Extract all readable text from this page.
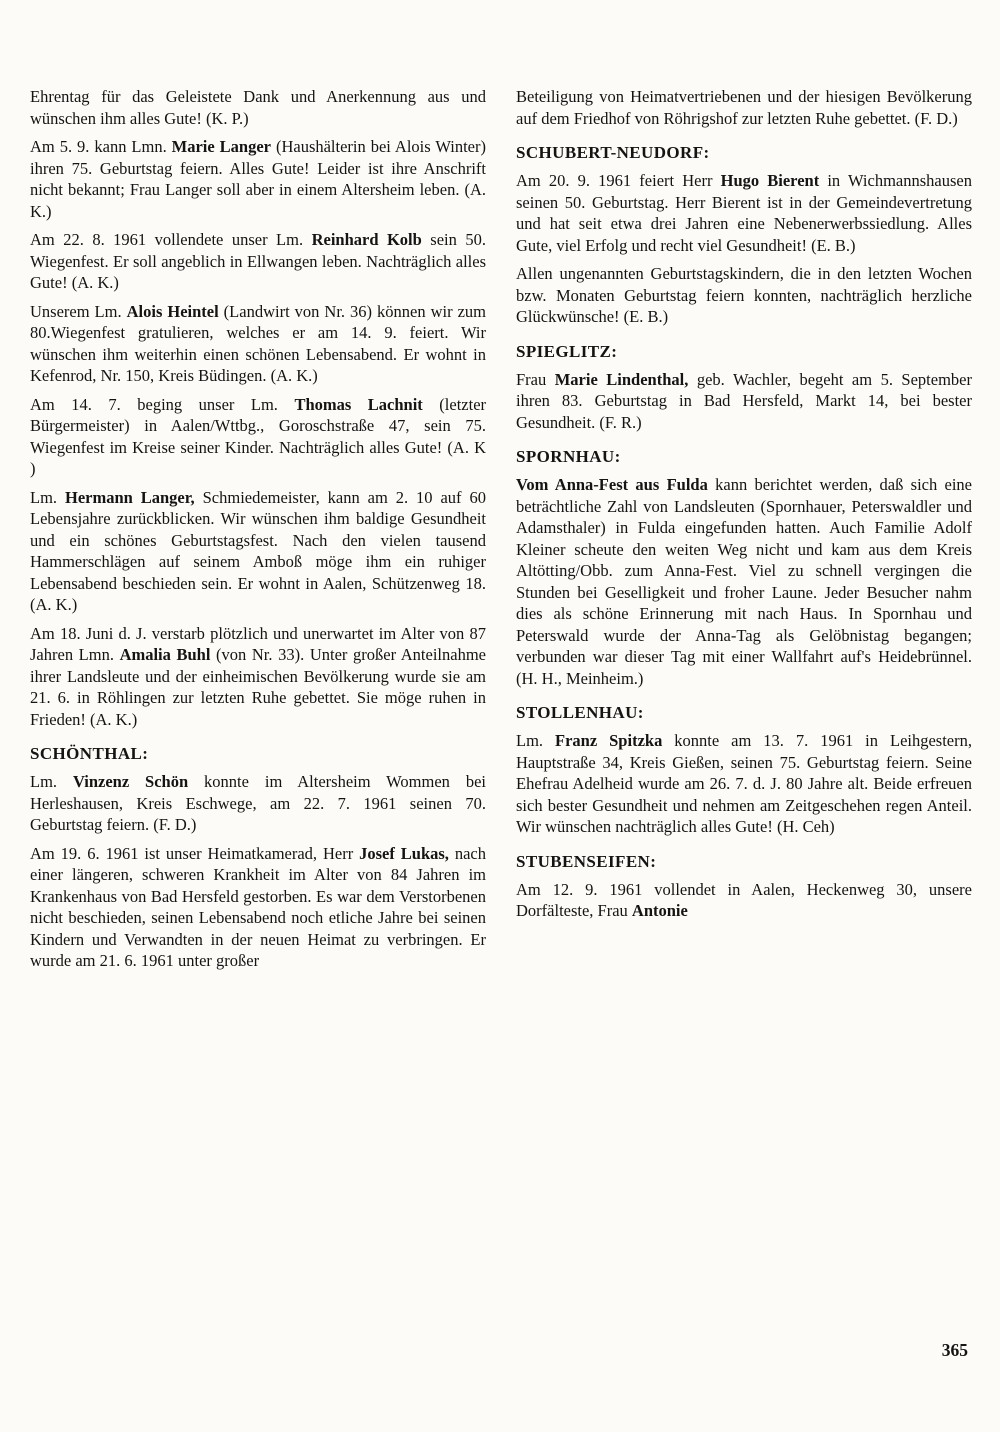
Ehrentag für das Geleistete Dank und Anerkennung aus und wünschen ihm alles Gute! (K. P.)

Am 5. 9. kann Lmn. Marie Langer (Haushälterin bei Alois Winter) ihren 75. Geburtstag feiern. Alles Gute! Leider ist ihre Anschrift nicht bekannt; Frau Langer soll aber in einem Altersheim leben. (A. K.)

Am 22. 8. 1961 vollendete unser Lm. Reinhard Kolb sein 50. Wiegenfest. Er soll angeblich in Ellwangen leben. Nachträglich alles Gute! (A. K.)

Unserem Lm. Alois Heintel (Landwirt von Nr. 36) können wir zum 80.Wiegenfest gratulieren, welches er am 14. 9. feiert. Wir wünschen ihm weiterhin einen schönen Lebensabend. Er wohnt in Kefenrod, Nr. 150, Kreis Büdingen. (A. K.)

Am 14. 7. beging unser Lm. Thomas Lachnit (letzter Bürgermeister) in Aalen/Wttbg., Goroschstraße 47, sein 75. Wiegenfest im Kreise seiner Kinder. Nachträglich alles Gute! (A. K )

Lm. Hermann Langer, Schmiedemeister, kann am 2. 10 auf 60 Lebensjahre zurückblicken. Wir wünschen ihm baldige Gesundheit und ein schönes Geburtstagsfest. Nach den vielen tausend Hammerschlägen auf seinem Amboß möge ihm ein ruhiger Lebensabend beschieden sein. Er wohnt in Aalen, Schützenweg 18. (A. K.)

Am 18. Juni d. J. verstarb plötzlich und unerwartet im Alter von 87 Jahren Lmn. Amalia Buhl (von Nr. 33). Unter großer Anteilnahme ihrer Landsleute und der einheimischen Bevölkerung wurde sie am 21. 6. in Röhlingen zur letzten Ruhe gebettet. Sie möge ruhen in Frieden! (A. K.)

SCHÖNTHAL:

Lm. Vinzenz Schön konnte im Altersheim Wommen bei Herleshausen, Kreis Eschwege, am 22. 7. 1961 seinen 70. Geburtstag feiern. (F. D.)

Am 19. 6. 1961 ist unser Heimatkamerad, Herr Josef Lukas, nach einer längeren, schweren Krankheit im Alter von 84 Jahren im Krankenhaus von Bad Hersfeld gestorben. Es war dem Verstorbenen nicht beschieden, seinen Lebensabend noch etliche Jahre bei seinen Kindern und Verwandten in der neuen Heimat zu verbringen. Er wurde am 21. 6. 1961 unter großer

Beteiligung von Heimatvertriebenen und der hiesigen Bevölkerung auf dem Friedhof von Röhrigshof zur letzten Ruhe gebettet. (F. D.)

SCHUBERT-NEUDORF:

Am 20. 9. 1961 feiert Herr Hugo Bierent in Wichmannshausen seinen 50. Geburtstag. Herr Bierent ist in der Gemeindevertretung und hat seit etwa drei Jahren eine Nebenerwerbssiedlung. Alles Gute, viel Erfolg und recht viel Gesundheit! (E. B.)

Allen ungenannten Geburtstagskindern, die in den letzten Wochen bzw. Monaten Geburtstag feiern konnten, nachträglich herzliche Glückwünsche! (E. B.)

SPIEGLITZ:

Frau Marie Lindenthal, geb. Wachler, begeht am 5. September ihren 83. Geburtstag in Bad Hersfeld, Markt 14, bei bester Gesundheit. (F. R.)

SPORNHAU:

Vom Anna-Fest aus Fulda kann berichtet werden, daß sich eine beträchtliche Zahl von Landsleuten (Spornhauer, Peterswaldler und Adamsthaler) in Fulda eingefunden hatten. Auch Familie Adolf Kleiner scheute den weiten Weg nicht und kam aus dem Kreis Altötting/Obb. zum Anna-Fest. Viel zu schnell vergingen die Stunden bei Geselligkeit und froher Laune. Jeder Besucher nahm dies als schöne Erinnerung mit nach Haus. In Spornhau und Peterswald wurde der Anna-Tag als Gelöbnistag begangen; verbunden war dieser Tag mit einer Wallfahrt auf's Heidebrünnel. (H. H., Meinheim.)

STOLLENHAU:

Lm. Franz Spitzka konnte am 13. 7. 1961 in Leihgestern, Hauptstraße 34, Kreis Gießen, seinen 75. Geburtstag feiern. Seine Ehefrau Adelheid wurde am 26. 7. d. J. 80 Jahre alt. Beide erfreuen sich bester Gesundheit und nehmen am Zeitgeschehen regen Anteil. Wir wünschen nachträglich alles Gute! (H. Ceh)

STUBENSEIFEN:

Am 12. 9. 1961 vollendet in Aalen, Heckenweg 30, unsere Dorfälteste, Frau Antonie

365
